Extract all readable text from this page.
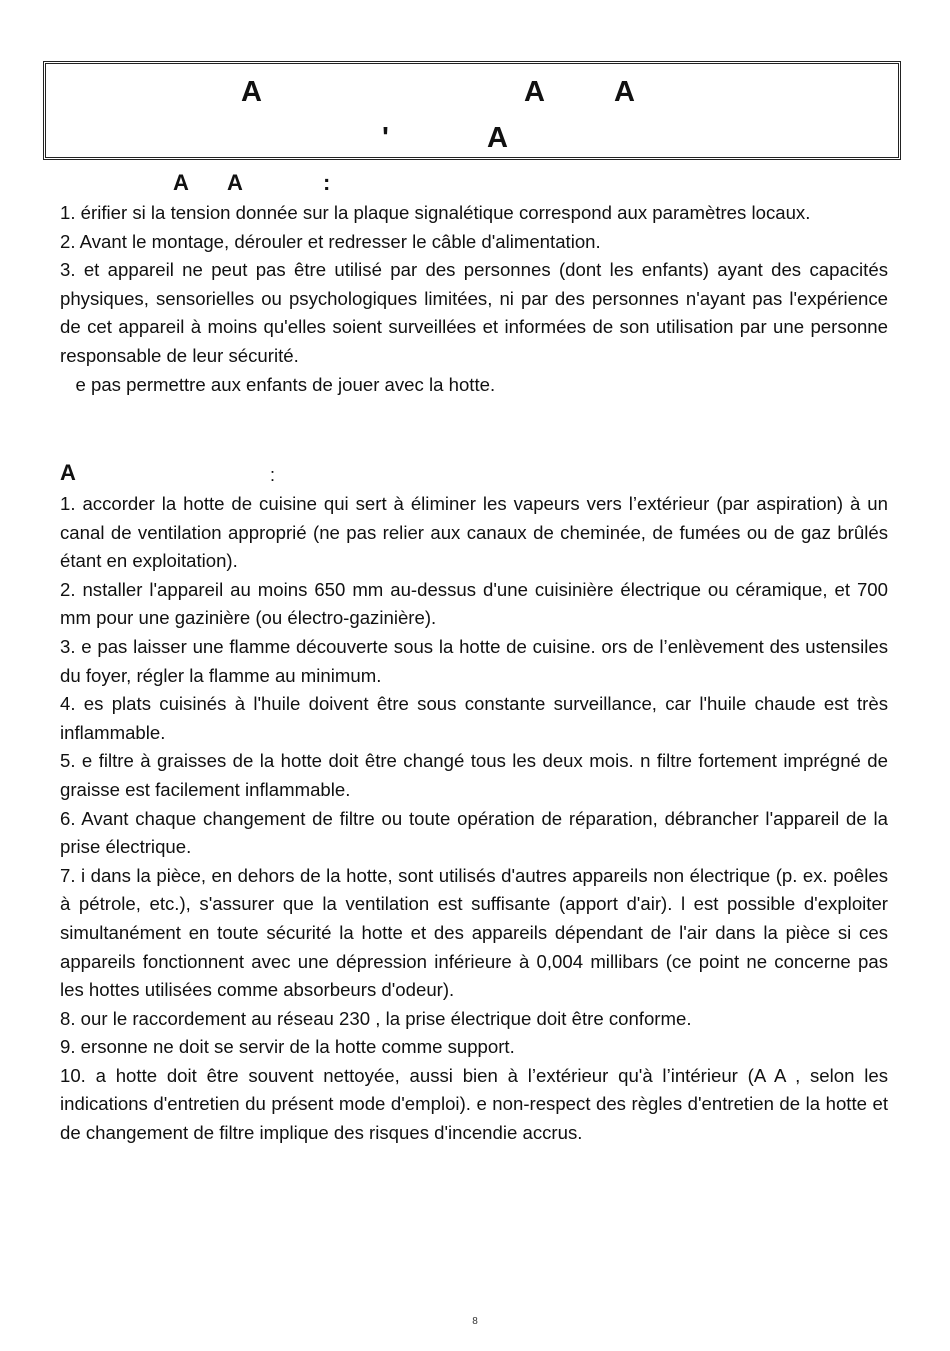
A	A A
'	A
A A	:

1. érifier si la tension donnée sur la plaque signalétique correspond aux paramètres locaux.

2. Avant le montage, dérouler et redresser le câble d'alimentation.

3. et appareil ne peut pas être utilisé par des personnes (dont les enfants) ayant des capacités physiques, sensorielles ou psychologiques limitées, ni par des personnes n'ayant pas l'expérience de cet appareil à moins qu'elles soient surveillées et informées de son utilisation par une personne responsable de leur sécurité.

e pas permettre aux enfants de jouer avec la hotte.

A	:

1. accorder la hotte de cuisine qui sert à éliminer les vapeurs vers l’extérieur (par aspiration) à un canal de ventilation approprié (ne pas relier aux canaux de cheminée, de fumées ou de gaz brûlés étant en exploitation).

2. nstaller l'appareil au moins 650 mm au-dessus d'une cuisinière électrique ou céramique, et 700 mm pour une gazinière (ou électro-gazinière).

3. e pas laisser une flamme découverte sous la hotte de cuisine. ors de l’enlèvement des ustensiles du foyer, régler la flamme au minimum.

4. es plats cuisinés à l'huile doivent être sous constante surveillance, car l'huile chaude est très inflammable.

5. e filtre à graisses de la hotte doit être changé tous les deux mois. n filtre fortement imprégné de graisse est facilement inflammable.

6. Avant chaque changement de filtre ou toute opération de réparation, débrancher l'appareil de la prise électrique.

7. i dans la pièce, en dehors de la hotte, sont utilisés d'autres appareils non électrique (p. ex. poêles à pétrole, etc.), s'assurer que la ventilation est suffisante (apport d'air). l est possible d'exploiter simultanément en toute sécurité la hotte et des appareils dépendant de l'air dans la pièce si ces appareils fonctionnent avec une dépression inférieure à 0,004 millibars (ce point ne concerne pas les hottes utilisées comme absorbeurs d'odeur).

8. our le raccordement au réseau 230 , la prise électrique doit être conforme.

9. ersonne ne doit se servir de la hotte comme support.

10. a hotte doit être souvent nettoyée, aussi bien à l’extérieur qu'à l’intérieur (A A , selon les indications d'entretien du présent mode d'emploi). e non-respect des règles d'entretien de la hotte et de changement de filtre implique des risques d'incendie accrus.

8
